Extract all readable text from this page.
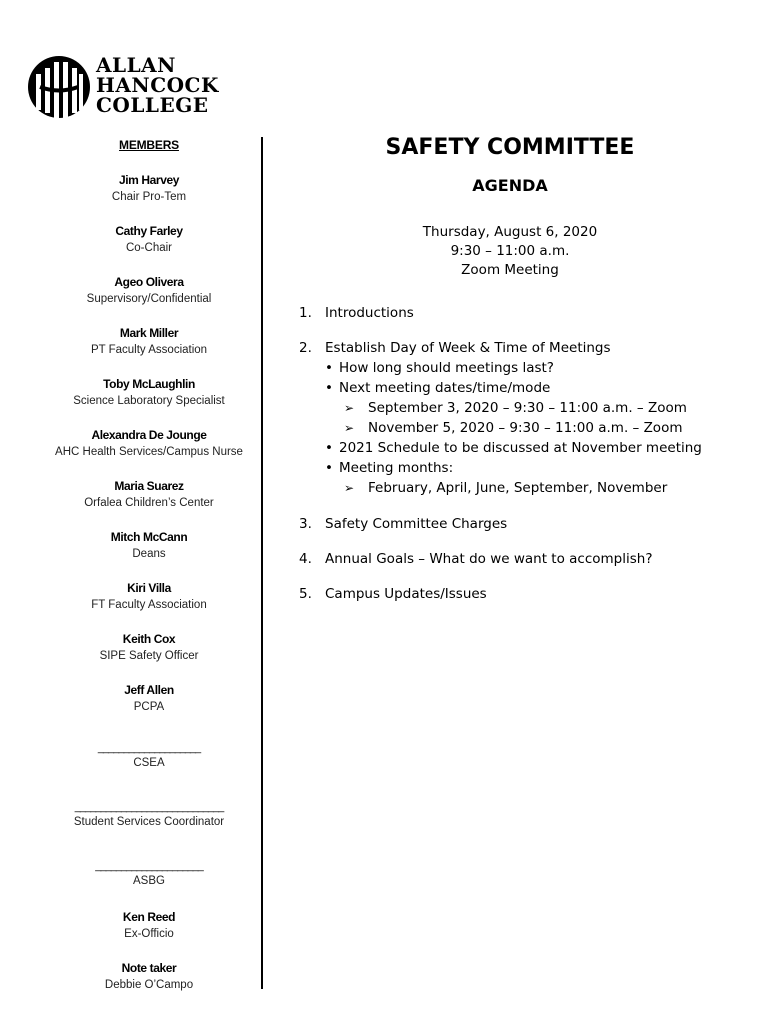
ALLAN
HANCOCK
COLLEGE
MEMBERS
Jim Harvey
Chair Pro-Tem
Cathy Farley
Co-Chair
Ageo Olivera
Supervisory/Confidential
Mark Miller
PT Faculty Association
Toby McLaughlin
Science Laboratory Specialist
Alexandra De Jounge
AHC Health Services/Campus Nurse
Maria Suarez
Orfalea Children’s Center
Mitch McCann
Deans
Kiri Villa
FT Faculty Association
Keith Cox
SIPE Safety Officer
Jeff Allen
PCPA
____________________
CSEA
_____________________________
Student Services Coordinator
_____________________
ASBG
Ken Reed
Ex-Officio
Note taker
Debbie O’Campo
SAFETY COMMITTEE
AGENDA
Thursday, August 6, 2020
9:30 – 11:00 a.m.
Zoom Meeting
1. Introductions
2. Establish Day of Week & Time of Meetings
• How long should meetings last?
• Next meeting dates/time/mode
➢ September 3, 2020 – 9:30 – 11:00 a.m. – Zoom
➢ November 5, 2020 – 9:30 – 11:00 a.m. – Zoom
• 2021 Schedule to be discussed at November meeting
• Meeting months:
➢ February, April, June, September, November
3. Safety Committee Charges
4. Annual Goals – What do we want to accomplish?
5. Campus Updates/Issues
